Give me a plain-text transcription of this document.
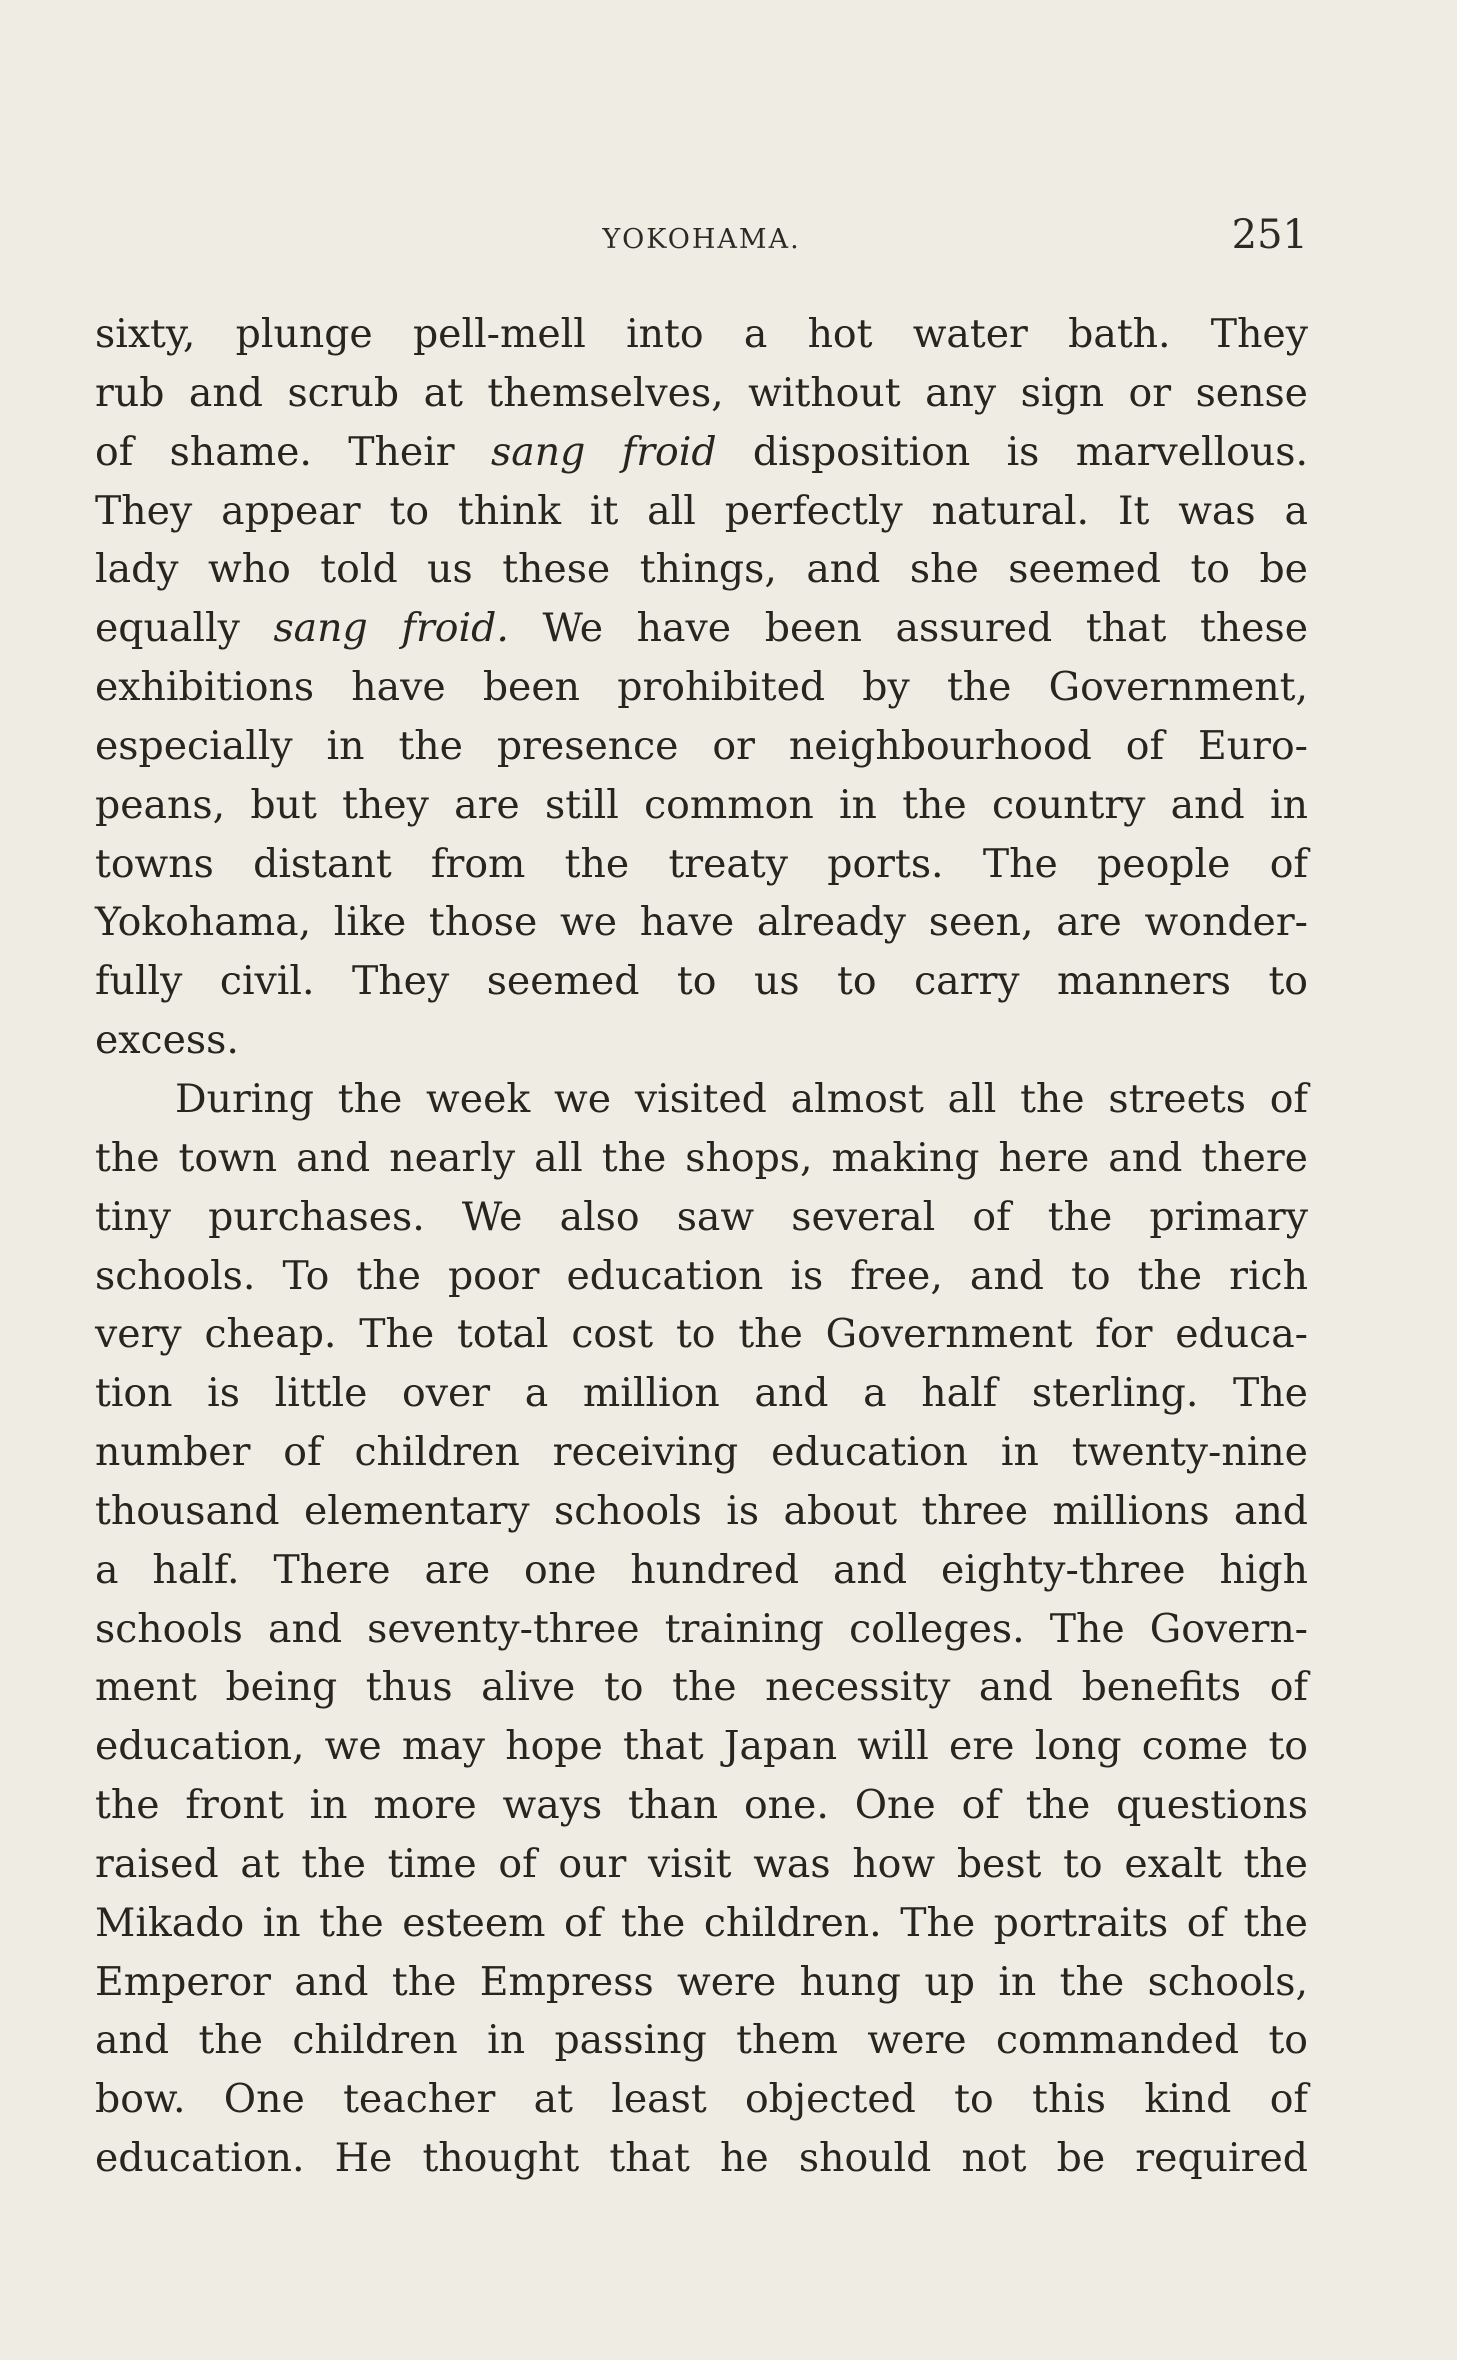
YOKOHAMA.	251
sixty, plunge pell-mell into a hot water bath. They
rub and scrub at themselves, without any sign or sense
of shame. Their sang froid disposition is marvellous.
They appear to think it all perfectly natural. It was a
lady who told us these things, and she seemed to be
equally sang froid. We have been assured that these
exhibitions have been prohibited by the Government,
especially in the presence or neighbourhood of Euro-
peans, but they are still common in the country and in
towns distant from the treaty ports. The people of
Yokohama, like those we have already seen, are wonder-
fully civil. They seemed to us to carry manners to
excess.
During the week we visited almost all the streets of
the town and nearly all the shops, making here and there
tiny purchases. We also saw several of the primary
schools. To the poor education is free, and to the rich
very cheap. The total cost to the Government for educa-
tion is little over a million and a half sterling. The
number of children receiving education in twenty-nine
thousand elementary schools is about three millions and
a half. There are one hundred and eighty-three high
schools and seventy-three training colleges. The Govern-
ment being thus alive to the necessity and benefits of
education, we may hope that Japan will ere long come to
the front in more ways than one. One of the questions
raised at the time of our visit was how best to exalt the
Mikado in the esteem of the children. The portraits of the
Emperor and the Empress were hung up in the schools,
and the children in passing them were commanded to
bow. One teacher at least objected to this kind of
education. He thought that he should not be required
